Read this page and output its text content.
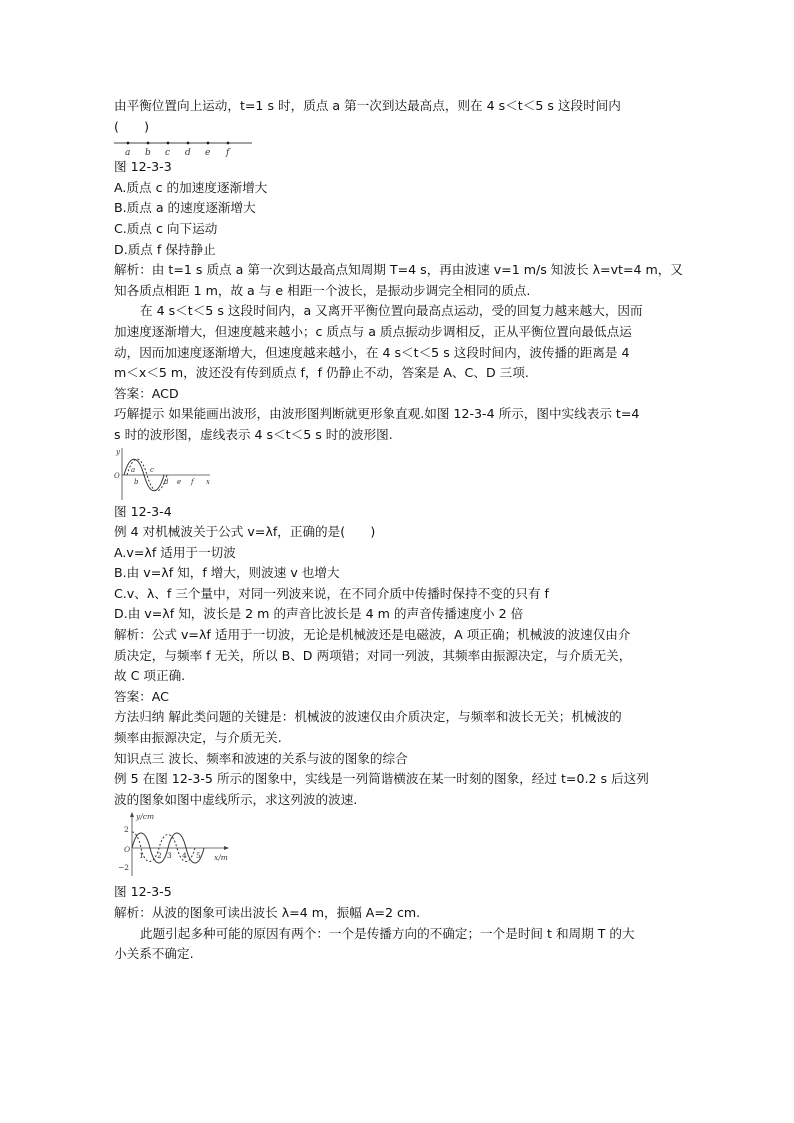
由平衡位置向上运动，t=1 s 时，质点 a 第一次到达最高点，则在 4 s＜t＜5 s 这段时间内
(　　)
a b c d e f
图 12-3-3
A.质点 c 的加速度逐渐增大
B.质点 a 的速度逐渐增大
C.质点 c 向下运动
D.质点 f 保持静止
解析：由 t=1 s 质点 a 第一次到达最高点知周期 T=4 s，再由波速 v=1 m/s 知波长 λ=vt=4 m，又
知各质点相距 1 m，故 a 与 e 相距一个波长，是振动步调完全相同的质点.
在 4 s＜t＜5 s 这段时间内，a 又离开平衡位置向最高点运动，受的回复力越来越大，因而
加速度逐渐增大，但速度越来越小；c 质点与 a 质点振动步调相反，正从平衡位置向最低点运
动，因而加速度逐渐增大，但速度越来越小，在 4 s＜t＜5 s 这段时间内，波传播的距离是 4
m＜x＜5 m，波还没有传到质点 f，f 仍静止不动，答案是 A、C、D 三项.
答案：ACD
巧解提示 如果能画出波形，由波形图判断就更形象直观.如图 12-3-4 所示，图中实线表示 t=4
s 时的波形图，虚线表示 4 s＜t＜5 s 时的波形图.
y
O
x
a
b
c
d e f
图 12-3-4
例 4 对机械波关于公式 v=λf，正确的是(　　)
A.v=λf 适用于一切波
B.由 v=λf 知，f 增大，则波速 v 也增大
C.v、λ、f 三个量中，对同一列波来说，在不同介质中传播时保持不变的只有 f
D.由 v=λf 知，波长是 2 m 的声音比波长是 4 m 的声音传播速度小 2 倍
解析：公式 v=λf 适用于一切波，无论是机械波还是电磁波，A 项正确；机械波的波速仅由介
质决定，与频率 f 无关，所以 B、D 两项错；对同一列波，其频率由振源决定，与介质无关，
故 C 项正确.
答案：AC
方法归纳 解此类问题的关键是：机械波的波速仅由介质决定，与频率和波长无关；机械波的
频率由振源决定，与介质无关.
知识点三 波长、频率和波速的关系与波的图象的综合
例 5 在图 12-3-5 所示的图象中，实线是一列简谐横波在某一时刻的图象，经过 t=0.2 s 后这列
波的图象如图中虚线所示，求这列波的波速.
y/cm
x/m
O
2
−2
1 2 3 4 5
图 12-3-5
解析：从波的图象可读出波长 λ=4 m，振幅 A=2 cm.
此题引起多种可能的原因有两个：一个是传播方向的不确定；一个是时间 t 和周期 T 的大
小关系不确定.
